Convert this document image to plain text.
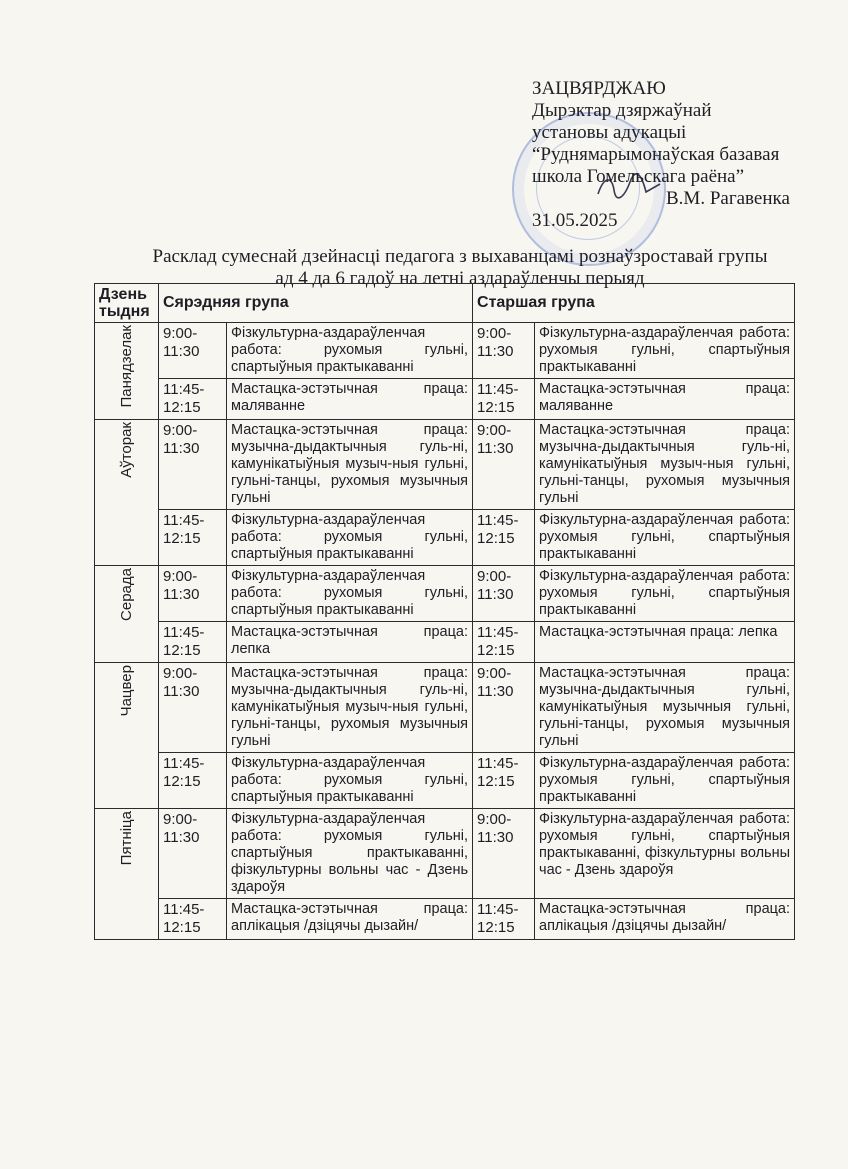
ЗАЦВЯРДЖАЮ
Дырэктар дзяржаўнай
установы адукацыі
“Руднямарымонаўская базавая
школа Гомельскага раёна”
В.М. Рагавенка
31.05.2025
Расклад сумеснай дзейнасці педагога з выхаванцамі рознаўзроставай групы ад 4 да 6 гадоў на летні аздараўленчы перыяд
Дзень тыдня	Сярэдняя група		Старшая група	
Панядзелак	9:00-11:30	Фізкультурна-аздараўленчая работа: рухомыя гульні, спартыўныя практыкаванні	9:00-11:30	Фізкультурна-аздараўленчая работа: рухомыя гульні, спартыўныя практыкаванні
	11:45-12:15	Мастацка-эстэтычная праца: маляванне	11:45-12:15	Мастацка-эстэтычная праца: маляванне
Аўторак	9:00-11:30	Мастацка-эстэтычная праца: музычна-дыдактычныя гуль-ні, камунікатыўныя музыч-ныя гульні, гульні-танцы, рухомыя музычныя гульні	9:00-11:30	Мастацка-эстэтычная праца: музычна-дыдактычныя гуль-ні, камунікатыўныя музыч-ныя гульні, гульні-танцы, рухомыя музычныя гульні
	11:45-12:15	Фізкультурна-аздараўленчая работа: рухомыя гульні, спартыўныя практыкаванні	11:45-12:15	Фізкультурна-аздараўленчая работа: рухомыя гульні, спартыўныя практыкаванні
Серада	9:00-11:30	Фізкультурна-аздараўленчая работа: рухомыя гульні, спартыўныя практыкаванні	9:00-11:30	Фізкультурна-аздараўленчая работа: рухомыя гульні, спартыўныя практыкаванні
	11:45-12:15	Мастацка-эстэтычная праца: лепка	11:45-12:15	Мастацка-эстэтычная праца: лепка
Чацвер	9:00-11:30	Мастацка-эстэтычная праца: музычна-дыдактычныя гуль-ні, камунікатыўныя музыч-ныя гульні, гульні-танцы, рухомыя музычныя гульні	9:00-11:30	Мастацка-эстэтычная праца: музычна-дыдактычныя гульні, камунікатыўныя музычныя гульні, гульні-танцы, рухомыя музычныя гульні
	11:45-12:15	Фізкультурна-аздараўленчая работа: рухомыя гульні, спартыўныя практыкаванні	11:45-12:15	Фізкультурна-аздараўленчая работа: рухомыя гульні, спартыўныя практыкаванні
Пятніца	9:00-11:30	Фізкультурна-аздараўленчая работа: рухомыя гульні, спартыўныя практыкаванні, фізкультурны вольны час - Дзень здароўя	9:00-11:30	Фізкультурна-аздараўленчая работа: рухомыя гульні, спартыўныя практыкаванні, фізкультурны вольны час - Дзень здароўя
	11:45-12:15	Мастацка-эстэтычная праца: аплікацыя /дзіцячы дызайн/	11:45-12:15	Мастацка-эстэтычная праца: аплікацыя /дзіцячы дызайн/
